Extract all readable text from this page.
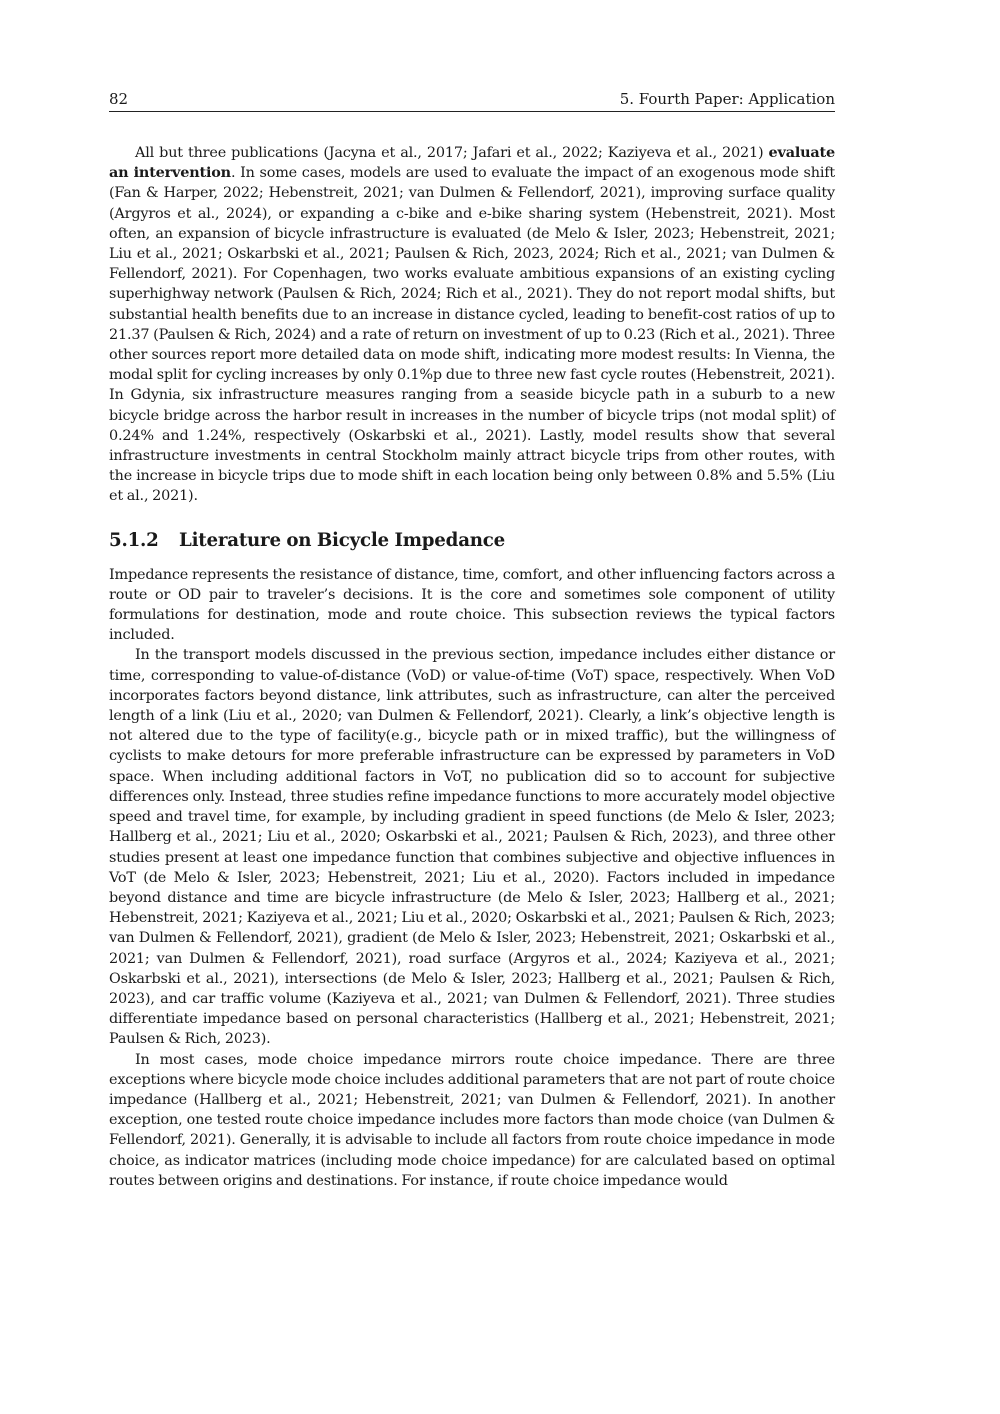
82	5. Fourth Paper: Application

All but three publications (Jacyna et al., 2017; Jafari et al., 2022; Kaziyeva et al., 2021) evaluate an intervention. In some cases, models are used to evaluate the impact of an exogenous mode shift (Fan & Harper, 2022; Hebenstreit, 2021; van Dulmen & Fellendorf, 2021), improving surface quality (Argyros et al., 2024), or expanding a c-bike and e-bike sharing system (Hebenstreit, 2021). Most often, an expansion of bicycle infrastructure is evaluated (de Melo & Isler, 2023; Hebenstreit, 2021; Liu et al., 2021; Oskarbski et al., 2021; Paulsen & Rich, 2023, 2024; Rich et al., 2021; van Dulmen & Fellendorf, 2021). For Copenhagen, two works evaluate ambitious expansions of an existing cycling superhighway network (Paulsen & Rich, 2024; Rich et al., 2021). They do not report modal shifts, but substantial health benefits due to an increase in distance cycled, leading to benefit-cost ratios of up to 21.37 (Paulsen & Rich, 2024) and a rate of return on investment of up to 0.23 (Rich et al., 2021). Three other sources report more detailed data on mode shift, indicating more modest results: In Vienna, the modal split for cycling increases by only 0.1%p due to three new fast cycle routes (Hebenstreit, 2021). In Gdynia, six infrastructure measures ranging from a seaside bicycle path in a suburb to a new bicycle bridge across the harbor result in increases in the number of bicycle trips (not modal split) of 0.24% and 1.24%, respectively (Oskarbski et al., 2021). Lastly, model results show that several infrastructure investments in central Stockholm mainly attract bicycle trips from other routes, with the increase in bicycle trips due to mode shift in each location being only between 0.8% and 5.5% (Liu et al., 2021).

5.1.2 Literature on Bicycle Impedance

Impedance represents the resistance of distance, time, comfort, and other influencing factors across a route or OD pair to traveler’s decisions. It is the core and sometimes sole component of utility formulations for destination, mode and route choice. This subsection reviews the typical factors included.

In the transport models discussed in the previous section, impedance includes either distance or time, corresponding to value-of-distance (VoD) or value-of-time (VoT) space, respectively. When VoD incorporates factors beyond distance, link attributes, such as infrastructure, can alter the perceived length of a link (Liu et al., 2020; van Dulmen & Fellendorf, 2021). Clearly, a link’s objective length is not altered due to the type of facility(e.g., bicycle path or in mixed traffic), but the willingness of cyclists to make detours for more preferable infrastructure can be expressed by parameters in VoD space. When including additional factors in VoT, no publication did so to account for subjective differences only. Instead, three studies refine impedance functions to more accurately model objective speed and travel time, for example, by including gradient in speed functions (de Melo & Isler, 2023; Hallberg et al., 2021; Liu et al., 2020; Oskarbski et al., 2021; Paulsen & Rich, 2023), and three other studies present at least one impedance function that combines subjective and objective influences in VoT (de Melo & Isler, 2023; Hebenstreit, 2021; Liu et al., 2020). Factors included in impedance beyond distance and time are bicycle infrastructure (de Melo & Isler, 2023; Hallberg et al., 2021; Hebenstreit, 2021; Kaziyeva et al., 2021; Liu et al., 2020; Oskarbski et al., 2021; Paulsen & Rich, 2023; van Dulmen & Fellendorf, 2021), gradient (de Melo & Isler, 2023; Hebenstreit, 2021; Oskarbski et al., 2021; van Dulmen & Fellendorf, 2021), road surface (Argyros et al., 2024; Kaziyeva et al., 2021; Oskarbski et al., 2021), intersections (de Melo & Isler, 2023; Hallberg et al., 2021; Paulsen & Rich, 2023), and car traffic volume (Kaziyeva et al., 2021; van Dulmen & Fellendorf, 2021). Three studies differentiate impedance based on personal characteristics (Hallberg et al., 2021; Hebenstreit, 2021; Paulsen & Rich, 2023).

In most cases, mode choice impedance mirrors route choice impedance. There are three exceptions where bicycle mode choice includes additional parameters that are not part of route choice impedance (Hallberg et al., 2021; Hebenstreit, 2021; van Dulmen & Fellendorf, 2021). In another exception, one tested route choice impedance includes more factors than mode choice (van Dulmen & Fellendorf, 2021). Generally, it is advisable to include all factors from route choice impedance in mode choice, as indicator matrices (including mode choice impedance) for are calculated based on optimal routes between origins and destinations. For instance, if route choice impedance would
